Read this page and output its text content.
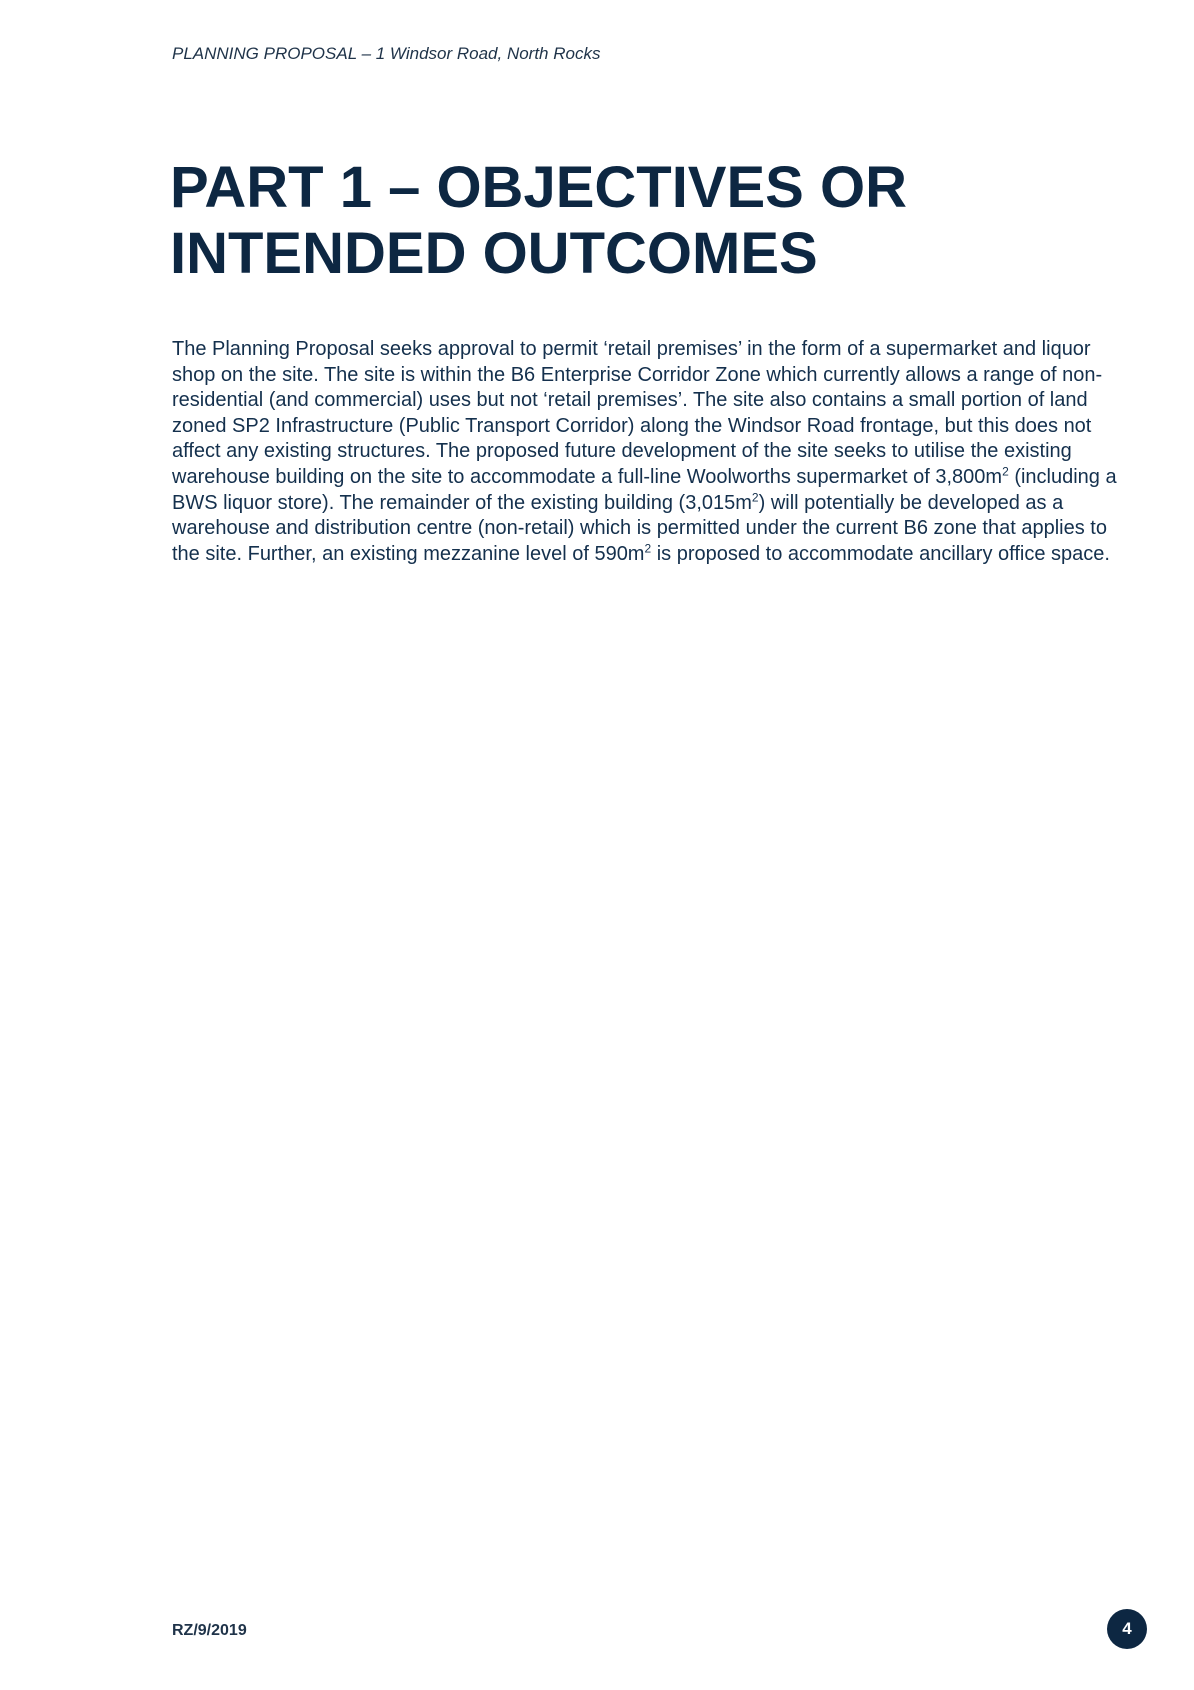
PLANNING PROPOSAL – 1 Windsor Road, North Rocks
PART 1 – OBJECTIVES OR
INTENDED OUTCOMES

The Planning Proposal seeks approval to permit ‘retail premises’ in the form of a supermarket and liquor shop on the site. The site is within the B6 Enterprise Corridor Zone which currently allows a range of non-residential (and commercial) uses but not ‘retail premises’. The site also contains a small portion of land zoned SP2 Infrastructure (Public Transport Corridor) along the Windsor Road frontage, but this does not affect any existing structures. The proposed future development of the site seeks to utilise the existing warehouse building on the site to accommodate a full-line Woolworths supermarket of $3,800m^2$ (including a BWS liquor store). The remainder of the existing building $(3,015m^2)$ will potentially be developed as a warehouse and distribution centre (non-retail) which is permitted under the current B6 zone that applies to the site. Further, an existing mezzanine level of $590m^2$ is proposed to accommodate ancillary office space.

RZ/9/2019	4
